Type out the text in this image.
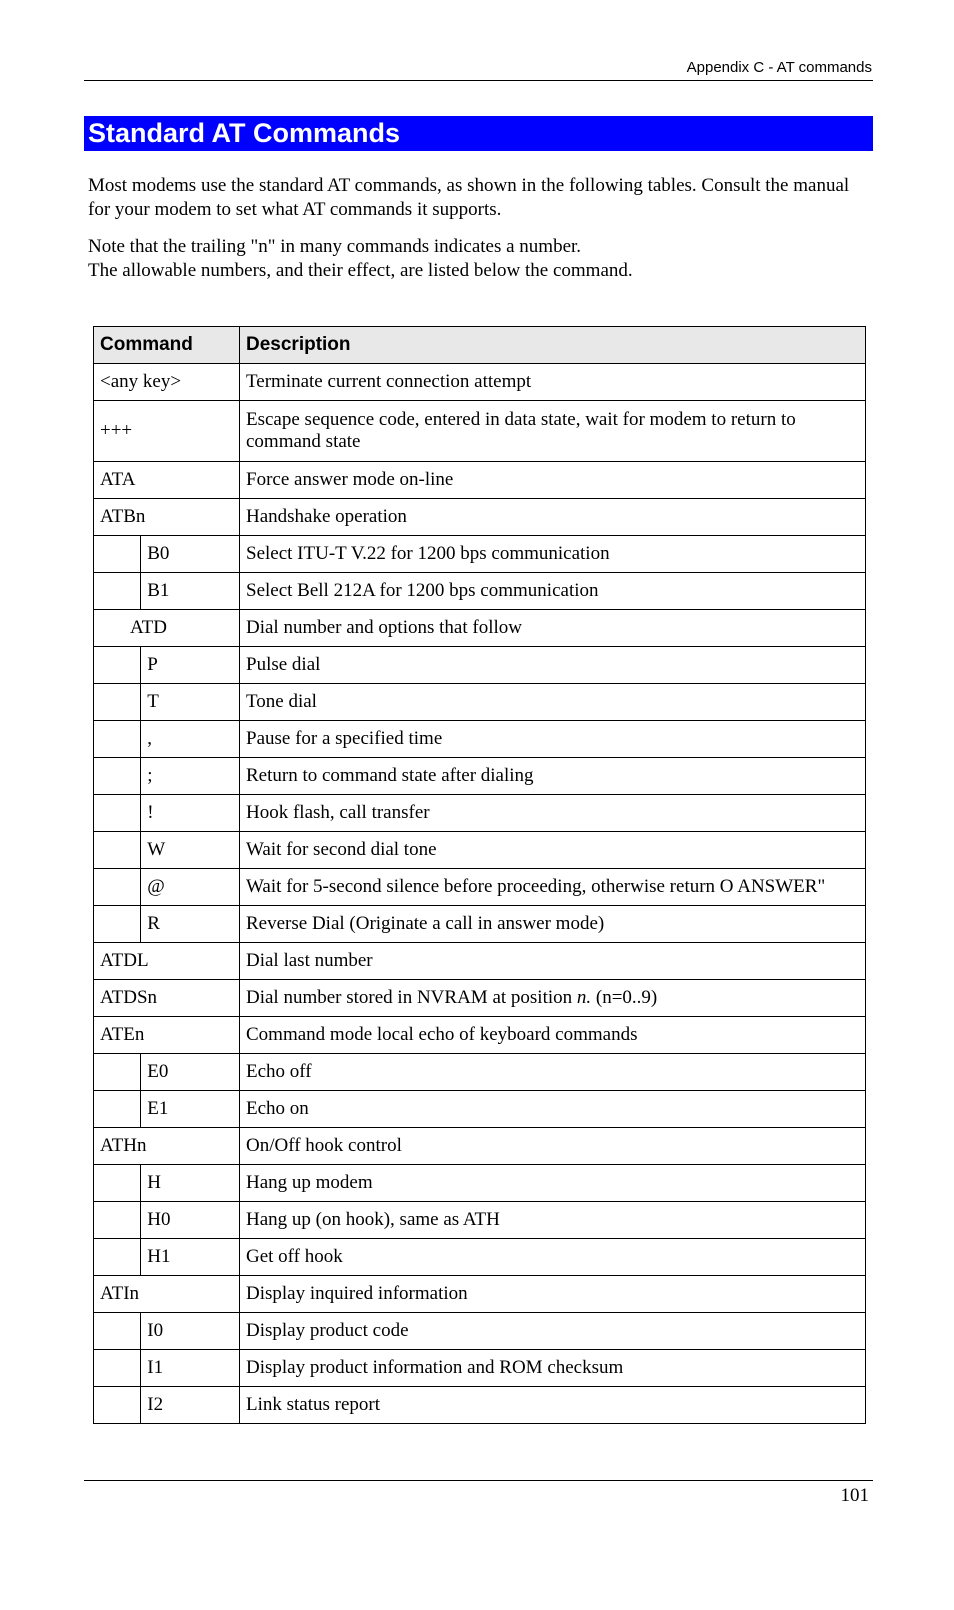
Appendix C - AT commands
Standard AT Commands
Most modems use the standard AT commands, as shown in the following tables. Consult the manual for your modem to set what AT commands it supports.
Note that the trailing "n" in many commands indicates a number.
The allowable numbers, and their effect, are listed below the command.
Command		Description
<any key>		Terminate current connection attempt
+++		Escape sequence code, entered in data state, wait for modem to return to command state
ATA		Force answer mode on-line
ATBn		Handshake operation
	B0	Select ITU-T V.22 for 1200 bps communication
	B1	Select Bell 212A for 1200 bps communication
ATD		Dial number and options that follow
	P	Pulse dial
	T	Tone dial
	,	Pause for a specified time
	;	Return to command state after dialing
	!	Hook flash, call transfer
	W	Wait for second dial tone
	@	Wait for 5-second silence before proceeding, otherwise return O ANSWER"
	R	Reverse Dial (Originate a call in answer mode)
ATDL		Dial last number
ATDSn		Dial number stored in NVRAM at position n. (n=0..9)
ATEn		Command mode local echo of keyboard commands
	E0	Echo off
	E1	Echo on
ATHn		On/Off hook control
	H	Hang up modem
	H0	Hang up (on hook), same as ATH
	H1	Get off hook
ATIn		Display inquired information
	I0	Display product code
	I1	Display product information and ROM checksum
	I2	Link status report
101
